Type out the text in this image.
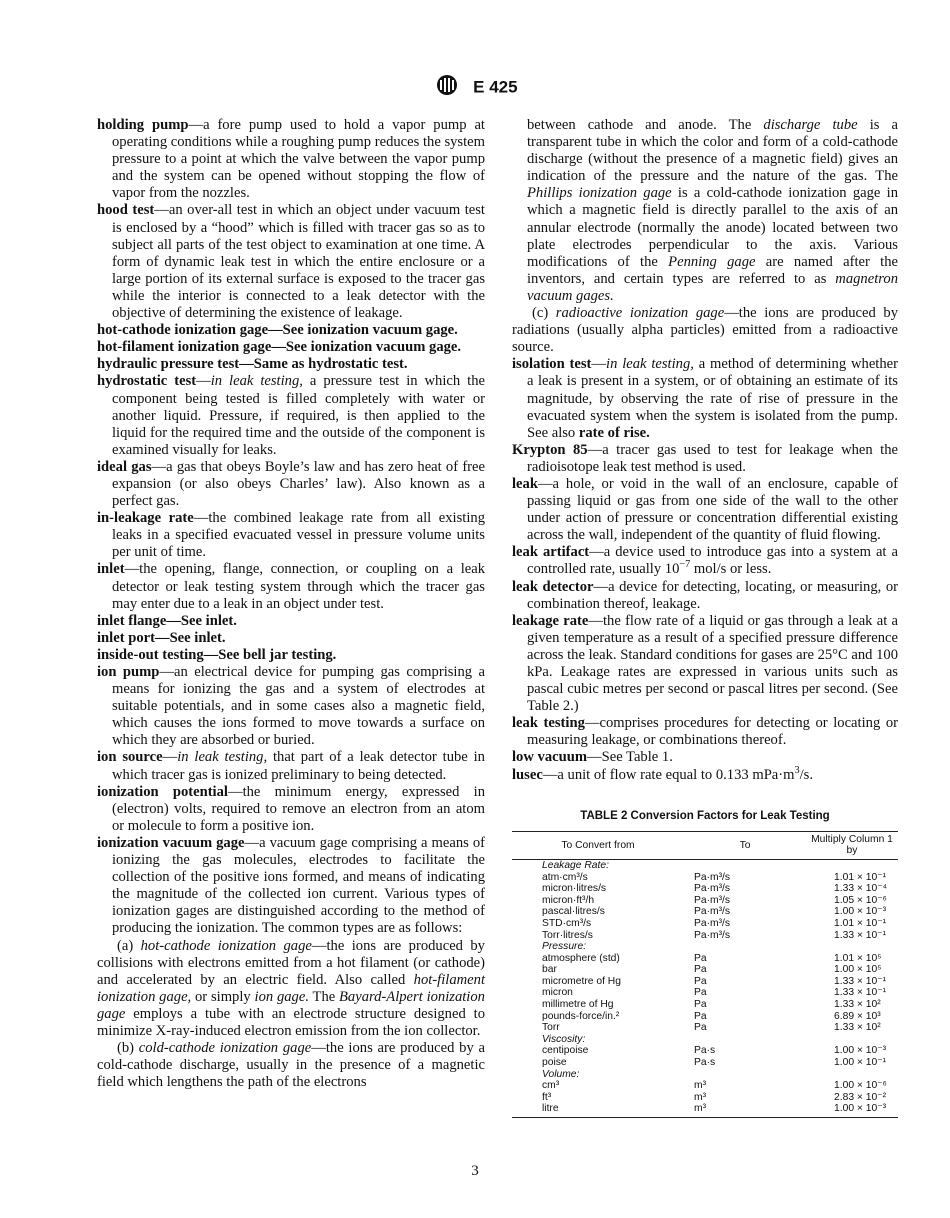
E 425

holding pump—a fore pump used to hold a vapor pump at operating conditions while a roughing pump reduces the system pressure to a point at which the valve between the vapor pump and the system can be opened without stopping the flow of vapor from the nozzles.

hood test—an over-all test in which an object under vacuum test is enclosed by a “hood” which is filled with tracer gas so as to subject all parts of the test object to examination at one time. A form of dynamic leak test in which the entire enclosure or a large portion of its external surface is exposed to the tracer gas while the interior is connected to a leak detector with the objective of determining the existence of leakage.

hot-cathode ionization gage—See ionization vacuum gage.

hot-filament ionization gage—See ionization vacuum gage.

hydraulic pressure test—Same as hydrostatic test.

hydrostatic test—in leak testing, a pressure test in which the component being tested is filled completely with water or another liquid. Pressure, if required, is then applied to the liquid for the required time and the outside of the component is examined visually for leaks.

ideal gas—a gas that obeys Boyle’s law and has zero heat of free expansion (or also obeys Charles’ law). Also known as a perfect gas.

in-leakage rate—the combined leakage rate from all existing leaks in a specified evacuated vessel in pressure volume units per unit of time.

inlet—the opening, flange, connection, or coupling on a leak detector or leak testing system through which the tracer gas may enter due to a leak in an object under test.

inlet flange—See inlet.

inlet port—See inlet.

inside-out testing—See bell jar testing.

ion pump—an electrical device for pumping gas comprising a means for ionizing the gas and a system of electrodes at suitable potentials, and in some cases also a magnetic field, which causes the ions formed to move towards a surface on which they are absorbed or buried.

ion source—in leak testing, that part of a leak detector tube in which tracer gas is ionized preliminary to being detected.

ionization potential—the minimum energy, expressed in (electron) volts, required to remove an electron from an atom or molecule to form a positive ion.

ionization vacuum gage—a vacuum gage comprising a means of ionizing the gas molecules, electrodes to facilitate the collection of the positive ions formed, and means of indicating the magnitude of the collected ion current. Various types of ionization gages are distinguished according to the method of producing the ionization. The common types are as follows:

(a) hot-cathode ionization gage—the ions are produced by collisions with electrons emitted from a hot filament (or cathode) and accelerated by an electric field. Also called hot-filament ionization gage, or simply ion gage. The Bayard-Alpert ionization gage employs a tube with an electrode structure designed to minimize X-ray-induced electron emission from the ion collector.

(b) cold-cathode ionization gage—the ions are produced by a cold-cathode discharge, usually in the presence of a magnetic field which lengthens the path of the electrons

between cathode and anode. The discharge tube is a transparent tube in which the color and form of a cold-cathode discharge (without the presence of a magnetic field) gives an indication of the pressure and the nature of the gas. The Phillips ionization gage is a cold-cathode ionization gage in which a magnetic field is directly parallel to the axis of an annular electrode (normally the anode) located between two plate electrodes perpendicular to the axis. Various modifications of the Penning gage are named after the inventors, and certain types are referred to as magnetron vacuum gages.

(c) radioactive ionization gage—the ions are produced by radiations (usually alpha particles) emitted from a radioactive source.

isolation test—in leak testing, a method of determining whether a leak is present in a system, or of obtaining an estimate of its magnitude, by observing the rate of rise of pressure in the evacuated system when the system is isolated from the pump. See also rate of rise.

Krypton 85—a tracer gas used to test for leakage when the radioisotope leak test method is used.

leak—a hole, or void in the wall of an enclosure, capable of passing liquid or gas from one side of the wall to the other under action of pressure or concentration differential existing across the wall, independent of the quantity of fluid flowing.

leak artifact—a device used to introduce gas into a system at a controlled rate, usually $10^{-7}$ mol/s or less.

leak detector—a device for detecting, locating, or measuring, or combination thereof, leakage.

leakage rate—the flow rate of a liquid or gas through a leak at a given temperature as a result of a specified pressure difference across the leak. Standard conditions for gases are 25°C and 100 kPa. Leakage rates are expressed in various units such as pascal cubic metres per second or pascal litres per second. (See Table 2.)

leak testing—comprises procedures for detecting or locating or measuring leakage, or combinations thereof.

low vacuum—See Table 1.

lusec—a unit of flow rate equal to 0.133 $mPa\cdot m^3/s$.

TABLE 2 Conversion Factors for Leak Testing
To Convert from	To	Multiply Column 1 by
Leakage Rate:		
atm·cm³/s	Pa·m³/s	1.01 × 10⁻¹
micron·litres/s	Pa·m³/s	1.33 × 10⁻⁴
micron·ft³/h	Pa·m³/s	1.05 × 10⁻⁶
pascal·litres/s	Pa·m³/s	1.00 × 10⁻³
STD·cm³/s	Pa·m³/s	1.01 × 10⁻¹
Torr·litres/s	Pa·m³/s	1.33 × 10⁻¹
Pressure:		
atmosphere (std)	Pa	1.01 × 10⁵
bar	Pa	1.00 × 10⁵
micrometre of Hg	Pa	1.33 × 10⁻¹
micron	Pa	1.33 × 10⁻¹
millimetre of Hg	Pa	1.33 × 10²
pounds-force/in.²	Pa	6.89 × 10³
Torr	Pa	1.33 × 10²
Viscosity:		
centipoise	Pa·s	1.00 × 10⁻³
poise	Pa·s	1.00 × 10⁻¹
Volume:		
cm³	m³	1.00 × 10⁻⁶
ft³	m³	2.83 × 10⁻²
litre	m³	1.00 × 10⁻³
3
